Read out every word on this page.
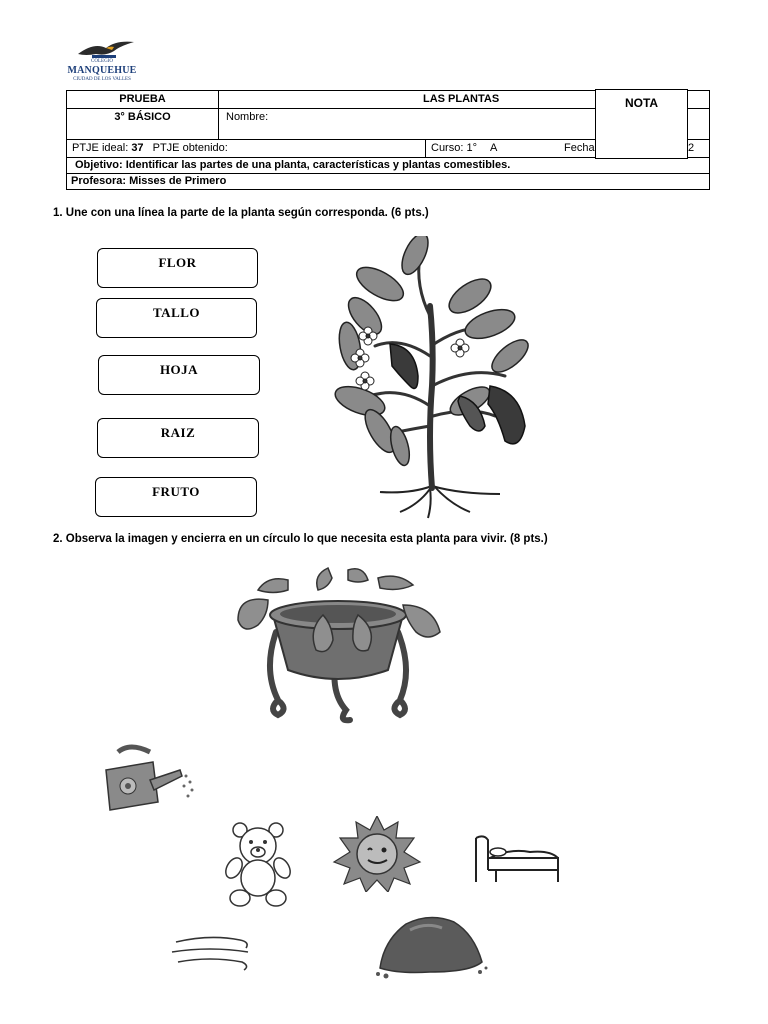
COLEGIO
MANQUEHUE
CIUDAD DE LOS VALLES
PRUEBA	LAS PLANTAS
3° BÁSICO	Nombre:
PTJE ideal: 37 PTJE obtenido:	Curso: 1° A	Fecha	2
Objetivo: Identificar las partes de una planta, características y plantas comestibles.
Profesora: Misses de Primero
NOTA
1. Une con una línea la parte de la planta según corresponda. (6 pts.)
FLOR
TALLO
HOJA
RAIZ
FRUTO
2. Observa la imagen y encierra en un círculo lo que necesita esta planta para vivir. (8 pts.)
